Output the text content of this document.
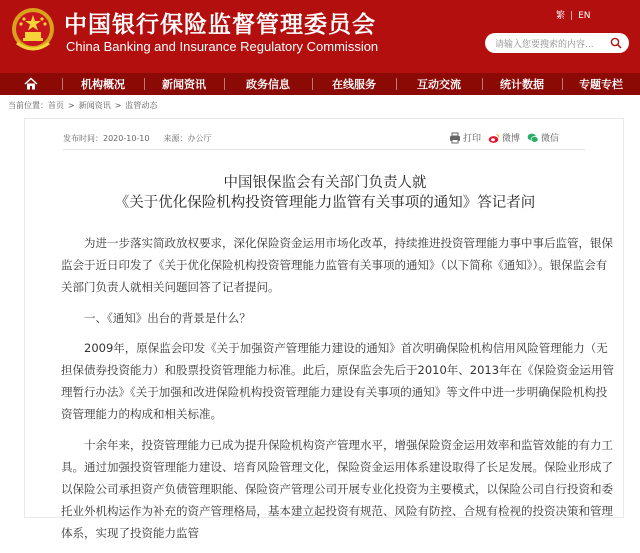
中国银行保险监督管理委员会
China Banking and Insurance Regulatory Commission
繁 | EN
请输入您要搜索的内容...
机构概况	新闻资讯	政务信息	在线服务	互动交流	统计数据	专题专栏
当前位置：首页 > 新闻资讯 > 监管动态
发布时间：2020-10-10 来源：办公厅	打印 微博 微信
中国银保监会有关部门负责人就
《关于优化保险机构投资管理能力监管有关事项的通知》答记者问

为进一步落实简政放权要求，深化保险资金运用市场化改革，持续推进投资管理能力事中事后监管，银保监会于近日印发了《关于优化保险机构投资管理能力监管有关事项的通知》（以下简称《通知》）。银保监会有关部门负责人就相关问题回答了记者提问。

一、《通知》出台的背景是什么？

2009年，原保监会印发《关于加强资产管理能力建设的通知》首次明确保险机构信用风险管理能力（无担保债券投资能力）和股票投资管理能力标准。此后，原保监会先后于2010年、2013年在《保险资金运用管理暂行办法》《关于加强和改进保险机构投资管理能力建设有关事项的通知》等文件中进一步明确保险机构投资管理能力的构成和相关标准。

十余年来，投资管理能力已成为提升保险机构资产管理水平，增强保险资金运用效率和监管效能的有力工具。通过加强投资管理能力建设、培育风险管理文化，保险资金运用体系建设取得了长足发展。保险业形成了以保险公司承担资产负债管理职能、保险资产管理公司开展专业化投资为主要模式，以保险公司自行投资和委托业外机构运作为补充的资产管理格局，基本建立起投资有规范、风险有防控、合规有检视的投资决策和管理体系，实现了投资能力监管
